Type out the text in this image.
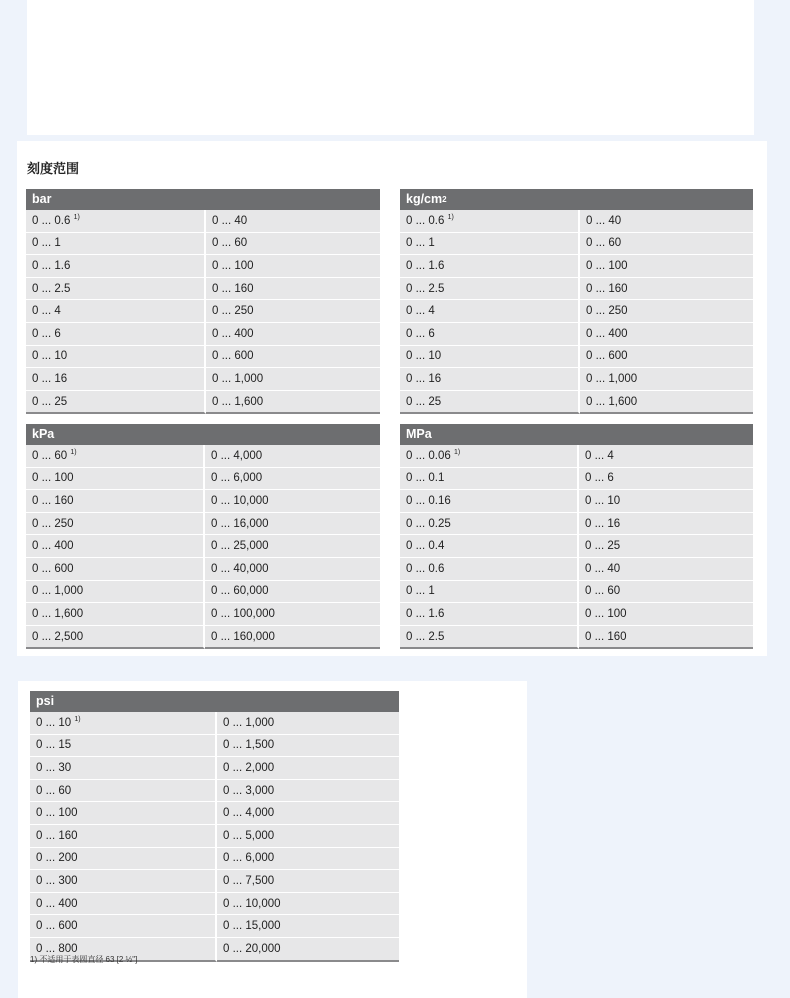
刻度范围
bar	
0 ... 0.6 $^{1)}$	0 ... 40
0 ... 1	0 ... 60
0 ... 1.6	0 ... 100
0 ... 2.5	0 ... 160
0 ... 4	0 ... 250
0 ... 6	0 ... 400
0 ... 10	0 ... 600
0 ... 16	0 ... 1,000
0 ... 25	0 ... 1,600
$kg/cm^2$
0 ... 0.6 $^{1)}$	0 ... 40
0 ... 1	0 ... 60
0 ... 1.6	0 ... 100
0 ... 2.5	0 ... 160
0 ... 4	0 ... 250
0 ... 6	0 ... 400
0 ... 10	0 ... 600
0 ... 16	0 ... 1,000
0 ... 25	0 ... 1,600
kPa	
0 ... 60 $^{1)}$	0 ... 4,000
0 ... 100	0 ... 6,000
0 ... 160	0 ... 10,000
0 ... 250	0 ... 16,000
0 ... 400	0 ... 25,000
0 ... 600	0 ... 40,000
0 ... 1,000	0 ... 60,000
0 ... 1,600	0 ... 100,000
0 ... 2,500	0 ... 160,000
MPa	
0 ... 0.06 $^{1)}$	0 ... 4
0 ... 0.1	0 ... 6
0 ... 0.16	0 ... 10
0 ... 0.25	0 ... 16
0 ... 0.4	0 ... 25
0 ... 0.6	0 ... 40
0 ... 1	0 ... 60
0 ... 1.6	0 ... 100
0 ... 2.5	0 ... 160
psi	
0 ... 10 $^{1)}$	0 ... 1,000
0 ... 15	0 ... 1,500
0 ... 30	0 ... 2,000
0 ... 60	0 ... 3,000
0 ... 100	0 ... 4,000
0 ... 160	0 ... 5,000
0 ... 200	0 ... 6,000
0 ... 300	0 ... 7,500
0 ... 400	0 ... 10,000
0 ... 600	0 ... 15,000
0 ... 800	0 ... 20,000
1) 不适用于表圆直径 63 [2 ½"]
